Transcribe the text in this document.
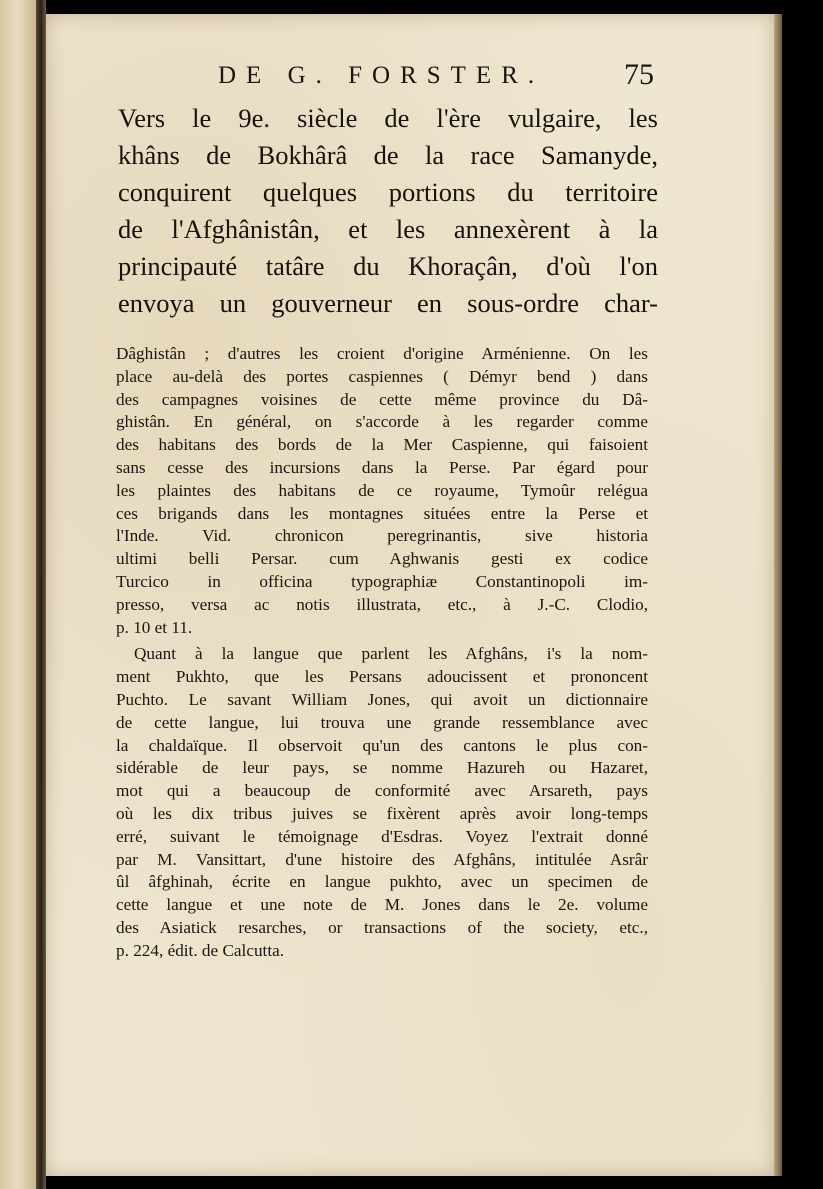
DE G. FORSTER.	75
Vers le 9e. siècle de l'ère vulgaire, les
khâns de Bokhârâ de la race Samanyde,
conquirent quelques portions du territoire
de l'Afghânistân, et les annexèrent à la
principauté tatâre du Khoraçân, d'où l'on
envoya un gouverneur en sous-ordre char-
Dâghistân ; d'autres les croient d'origine Arménienne. On les
place au-delà des portes caspiennes ( Démyr bend ) dans
des campagnes voisines de cette même province du Dâ-
ghistân. En général, on s'accorde à les regarder comme
des habitans des bords de la Mer Caspienne, qui faisoient
sans cesse des incursions dans la Perse. Par égard pour
les plaintes des habitans de ce royaume, Tymoûr relégua
ces brigands dans les montagnes situées entre la Perse et
l'Inde. Vid. chronicon peregrinantis, sive historia
ultimi belli Persar. cum Aghwanis gesti ex codice
Turcico in officina typographiæ Constantinopoli im-
presso, versa ac notis illustrata, etc., à J.-C. Clodio,
p. 10 et 11.
Quant à la langue que parlent les Afghâns, i's la nom-
ment Pukhto, que les Persans adoucissent et prononcent
Puchto. Le savant William Jones, qui avoit un dictionnaire
de cette langue, lui trouva une grande ressemblance avec
la chaldaïque. Il observoit qu'un des cantons le plus con-
sidérable de leur pays, se nomme Hazureh ou Hazaret,
mot qui a beaucoup de conformité avec Arsareth, pays
où les dix tribus juives se fixèrent après avoir long-temps
erré, suivant le témoignage d'Esdras. Voyez l'extrait donné
par M. Vansittart, d'une histoire des Afghâns, intitulée Asrâr
ûl âfghinah, écrite en langue pukhto, avec un specimen de
cette langue et une note de M. Jones dans le 2e. volume
des Asiatick resarches, or transactions of the society, etc.,
p. 224, édit. de Calcutta.
